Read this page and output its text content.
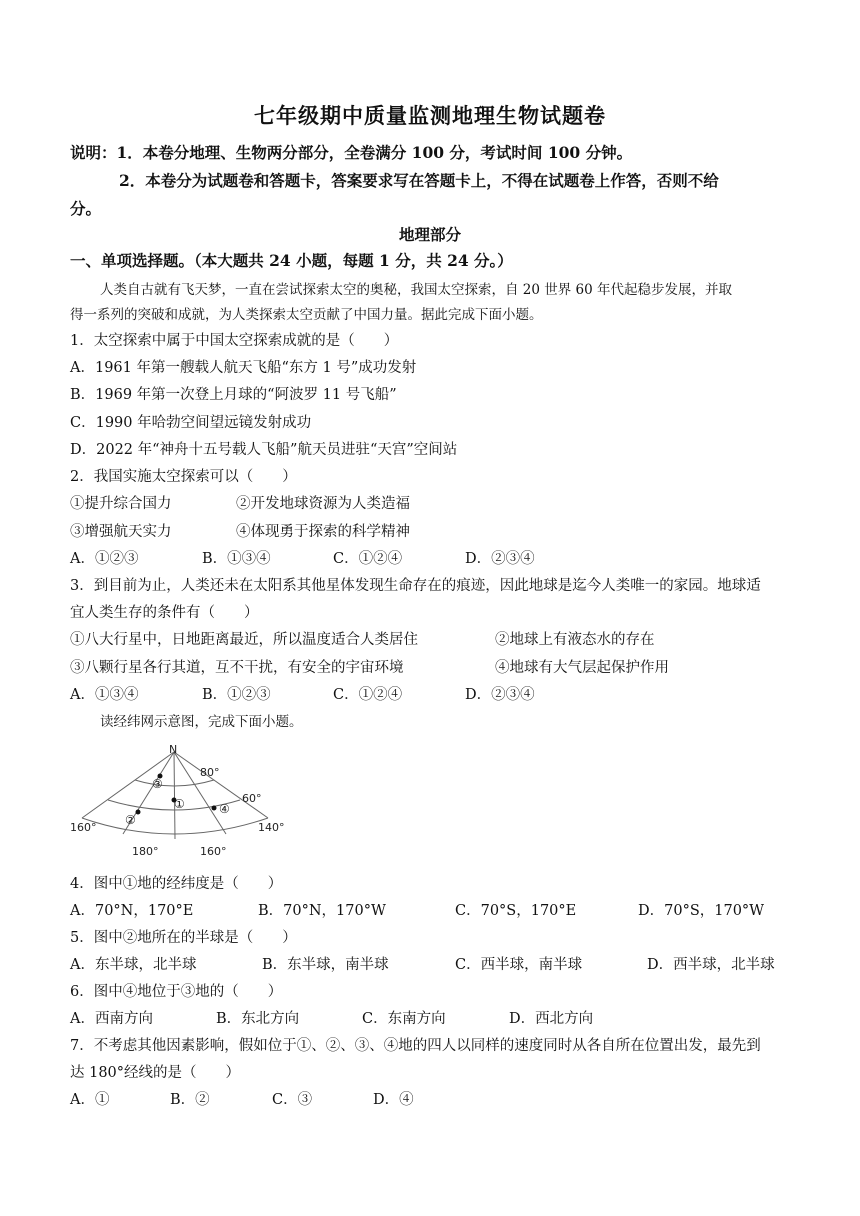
七年级期中质量监测地理生物试题卷
说明：1．本卷分地理、生物两分部分，全卷满分 100 分，考试时间 100 分钟。
2．本卷分为试题卷和答题卡，答案要求写在答题卡上，不得在试题卷上作答，否则不给
分。
地理部分
一、单项选择题。（本大题共 24 小题，每题 1 分，共 24 分。）
人类自古就有飞天梦，一直在尝试探索太空的奥秘，我国太空探索，自 20 世界 60 年代起稳步发展，并取
得一系列的突破和成就，为人类探索太空贡献了中国力量。据此完成下面小题。
1．太空探索中属于中国太空探索成就的是（　　）
A．1961 年第一艘载人航天飞船“东方 1 号”成功发射
B．1969 年第一次登上月球的“阿波罗 11 号飞船”
C．1990 年哈勃空间望远镜发射成功
D．2022 年“神舟十五号载人飞船”航天员进驻“天宫”空间站
2．我国实施太空探索可以（　　）
①提升综合国力	②开发地球资源为人类造福
③增强航天实力	④体现勇于探索的科学精神
A．①②③	B．①③④	C．①②④	D．②③④
3．到目前为止，人类还未在太阳系其他星体发现生命存在的痕迹，因此地球是迄今人类唯一的家园。地球适
宜人类生存的条件有（　　）
①八大行星中，日地距离最近，所以温度适合人类居住	②地球上有液态水的存在
③八颗行星各行其道，互不干扰，有安全的宇宙环境	④地球有大气层起保护作用
A．①③④	B．①②③	C．①②④	D．②③④
读经纬网示意图，完成下面小题。
N
80°
60°
160°
180°	160°
140°
③
①
②
④
4．图中①地的经纬度是（　　）
A．70°N，170°E	B．70°N，170°W	C．70°S，170°E	D．70°S，170°W
5．图中②地所在的半球是（　　）
A．东半球，北半球	B．东半球，南半球	C．西半球，南半球	D．西半球，北半球
6．图中④地位于③地的（　　）
A．西南方向	B．东北方向	C．东南方向	D．西北方向
7．不考虑其他因素影响，假如位于①、②、③、④地的四人以同样的速度同时从各自所在位置出发，最先到
达 180°经线的是（　　）
A．①	B．②	C．③	D．④
